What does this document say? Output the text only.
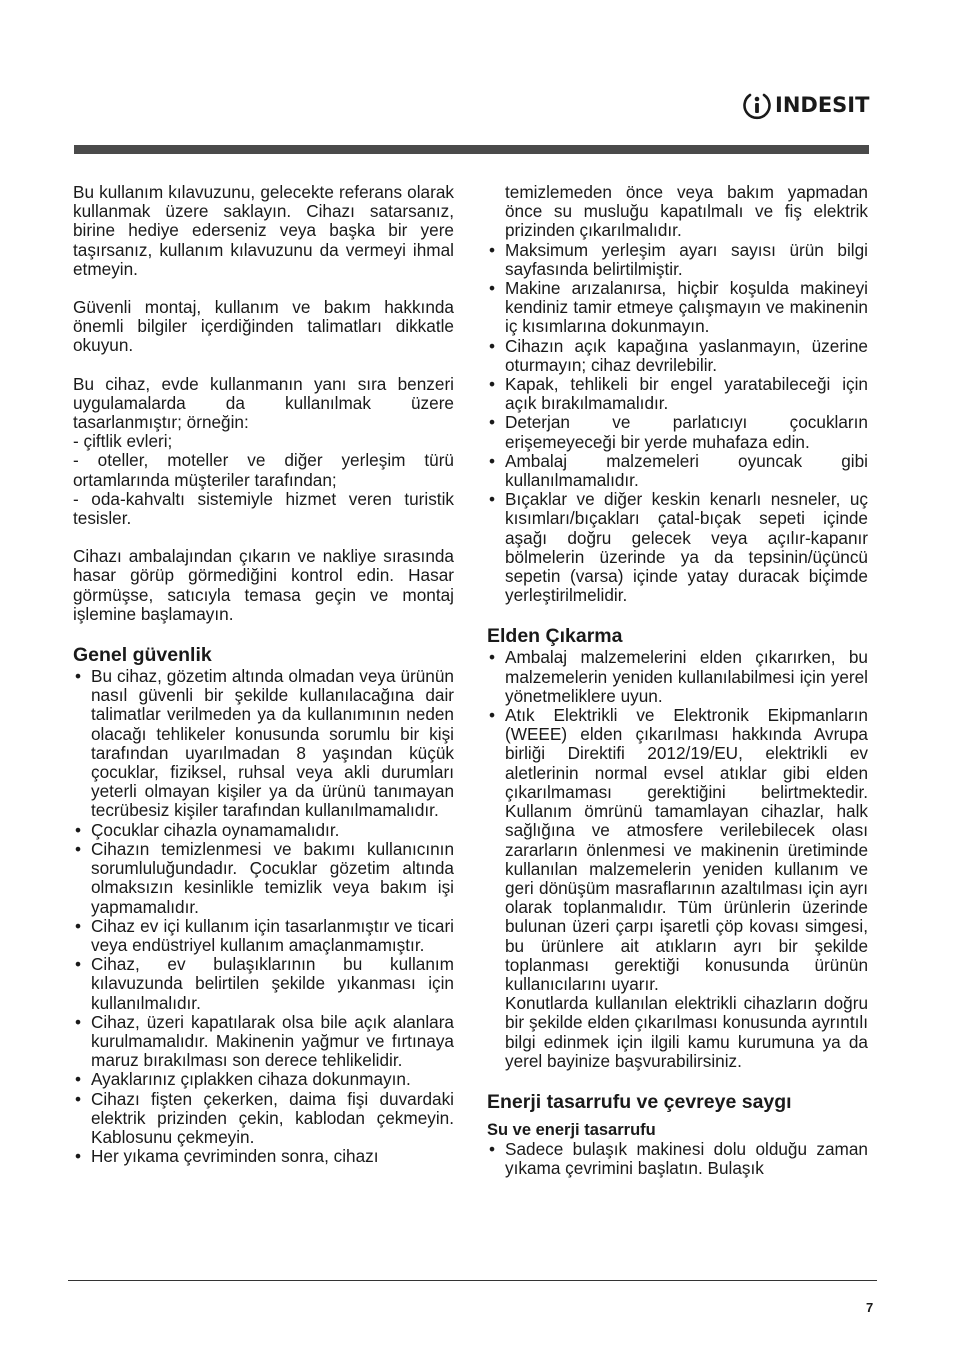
INDESIT

Bu kullanım kılavuzunu, gelecekte referans olarak kullanmak üzere saklayın. Cihazı satarsanız, birine hediye ederseniz veya başka bir yere taşırsanız, kullanım kılavuzunu da vermeyi ihmal etmeyin.

Güvenli montaj, kullanım ve bakım hakkında önemli bilgiler içerdiğinden talimatları dikkatle okuyun.

Bu cihaz, evde kullanmanın yanı sıra benzeri uygulamalarda da kullanılmak üzere tasarlanmıştır; örneğin:

- çiftlik evleri;
- oteller, moteller ve diğer yerleşim türü ortamlarında müşteriler tarafından;
- oda-kahvaltı sistemiyle hizmet veren turistik tesisler.

Cihazı ambalajından çıkarın ve nakliye sırasında hasar görüp görmediğini kontrol edin. Hasar görmüşse, satıcıyla temasa geçin ve montaj işlemine başlamayın.

Genel güvenlik
• Bu cihaz, gözetim altında olmadan veya ürünün nasıl güvenli bir şekilde kullanılacağına dair talimatlar verilmeden ya da kullanımının neden olacağı tehlikeler konusunda sorumlu bir kişi tarafından uyarılmadan 8 yaşından küçük çocuklar, fiziksel, ruhsal veya akli durumları yeterli olmayan kişiler ya da ürünü tanımayan tecrübesiz kişiler tarafından kullanılmamalıdır.
• Çocuklar cihazla oynamamalıdır.
• Cihazın temizlenmesi ve bakımı kullanıcının sorumluluğundadır. Çocuklar gözetim altında olmaksızın kesinlikle temizlik veya bakım işi yapmamalıdır.
• Cihaz ev içi kullanım için tasarlanmıştır ve ticari veya endüstriyel kullanım amaçlanmamıştır.
• Cihaz, ev bulaşıklarının bu kullanım kılavuzunda belirtilen şekilde yıkanması için kullanılmalıdır.
• Cihaz, üzeri kapatılarak olsa bile açık alanlara kurulmamalıdır. Makinenin yağmur ve fırtınaya maruz bırakılması son derece tehlikelidir.
• Ayaklarınız çıplakken cihaza dokunmayın.
• Cihazı fişten çekerken, daima fişi duvardaki elektrik prizinden çekin, kablodan çekmeyin. Kablosunu çekmeyin.
• Her yıkama çevriminden sonra, cihazı

temizlemeden önce veya bakım yapmadan önce su musluğu kapatılmalı ve fiş elektrik prizinden çıkarılmalıdır.

• Maksimum yerleşim ayarı sayısı ürün bilgi sayfasında belirtilmiştir.
• Makine arızalanırsa, hiçbir koşulda makineyi kendiniz tamir etmeye çalışmayın ve makinenin iç kısımlarına dokunmayın.
• Cihazın açık kapağına yaslanmayın, üzerine oturmayın; cihaz devrilebilir.
• Kapak, tehlikeli bir engel yaratabileceği için açık bırakılmamalıdır.
• Deterjan ve parlatıcıyı çocukların erişemeyeceği bir yerde muhafaza edin.
• Ambalaj malzemeleri oyuncak gibi kullanılmamalıdır.
• Bıçaklar ve diğer keskin kenarlı nesneler, uç kısımları/bıçakları çatal-bıçak sepeti içinde aşağı doğru gelecek veya açılır-kapanır bölmelerin üzerinde ya da tepsinin/üçüncü sepetin (varsa) içinde yatay duracak biçimde yerleştirilmelidir.
Elden Çıkarma
• Ambalaj malzemelerini elden çıkarırken, bu malzemelerin yeniden kullanılabilmesi için yerel yönetmeliklere uyun.
• Atık Elektrikli ve Elektronik Ekipmanların (WEEE) elden çıkarılması hakkında Avrupa birliği Direktifi 2012/19/EU, elektrikli ev aletlerinin normal evsel atıklar gibi elden çıkarılmaması gerektiğini belirtmektedir. Kullanım ömrünü tamamlayan cihazlar, halk sağlığına ve atmosfere verilebilecek olası zararların önlenmesi ve makinenin üretiminde kullanılan malzemelerin yeniden kullanım ve geri dönüşüm masraflarının azaltılması için ayrı olarak toplanmalıdır. Tüm ürünlerin üzerinde bulunan üzeri çarpı işaretli çöp kovası simgesi, bu ürünlere ait atıkların ayrı bir şekilde toplanması gerektiği konusunda ürünün kullanıcılarını uyarır.

Konutlarda kullanılan elektrikli cihazların doğru bir şekilde elden çıkarılması konusunda ayrıntılı bilgi edinmek için ilgili kamu kurumuna ya da yerel bayinize başvurabilirsiniz.

Enerji tasarrufu ve çevreye saygı
Su ve enerji tasarrufu
• Sadece bulaşık makinesi dolu olduğu zaman yıkama çevrimini başlatın. Bulaşık
7
